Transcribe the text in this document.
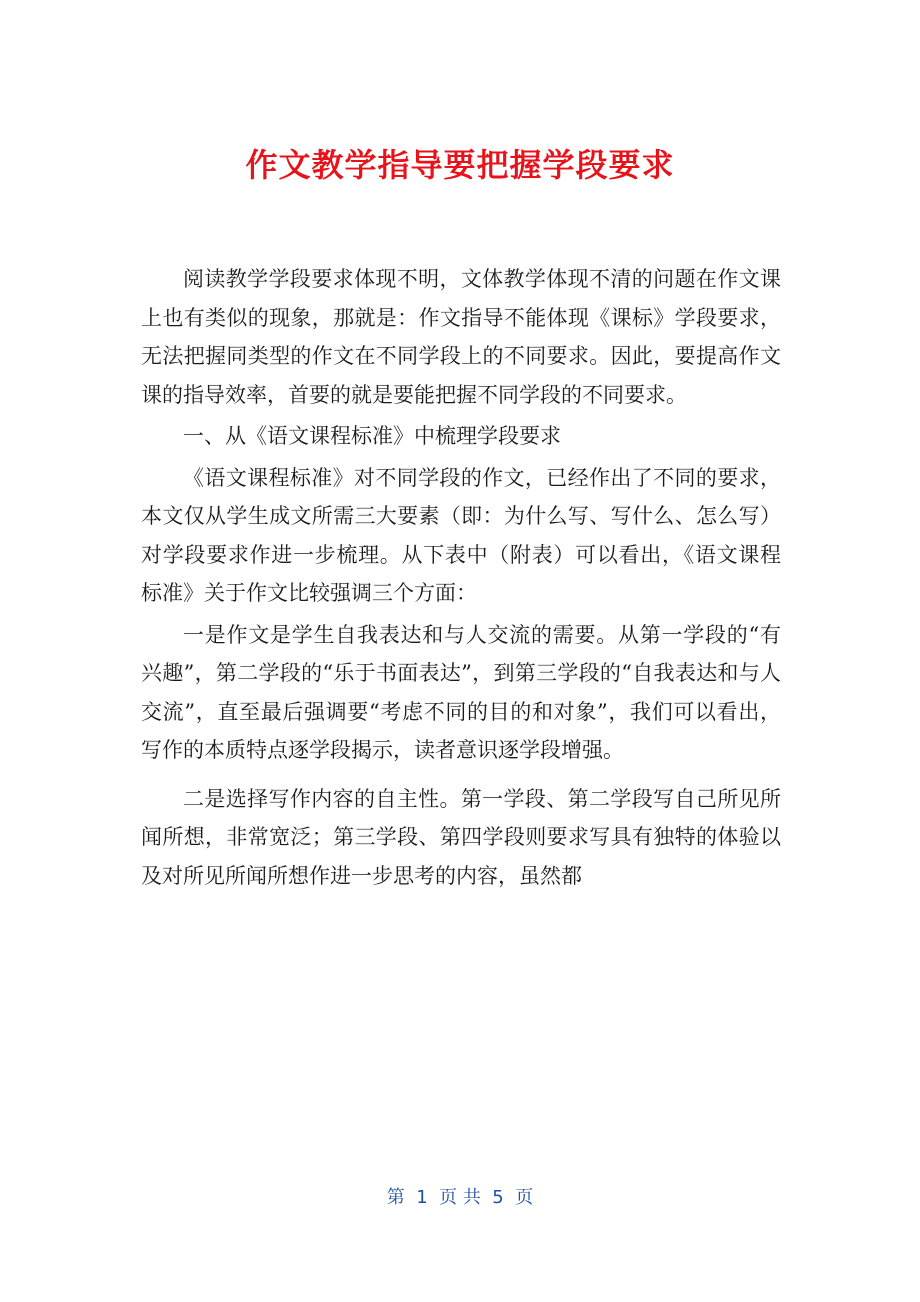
作文教学指导要把握学段要求

阅读教学学段要求体现不明，文体教学体现不清的问题在作文课上也有类似的现象，那就是：作文指导不能体现《课标》学段要求，无法把握同类型的作文在不同学段上的不同要求。因此，要提高作文课的指导效率，首要的就是要能把握不同学段的不同要求。

一、从《语文课程标准》中梳理学段要求

《语文课程标准》对不同学段的作文，已经作出了不同的要求，本文仅从学生成文所需三大要素（即：为什么写、写什么、怎么写）对学段要求作进一步梳理。从下表中（附表）可以看出，《语文课程标准》关于作文比较强调三个方面：

一是作文是学生自我表达和与人交流的需要。从第一学段的“有兴趣”，第二学段的“乐于书面表达”，到第三学段的“自我表达和与人交流”，直至最后强调要“考虑不同的目的和对象”，我们可以看出，写作的本质特点逐学段揭示，读者意识逐学段增强。

二是选择写作内容的自主性。第一学段、第二学段写自己所见所闻所想，非常宽泛；第三学段、第四学段则要求写具有独特的体验以及对所见所闻所想作进一步思考的内容，虽然都

第  1  页 共  5  页
